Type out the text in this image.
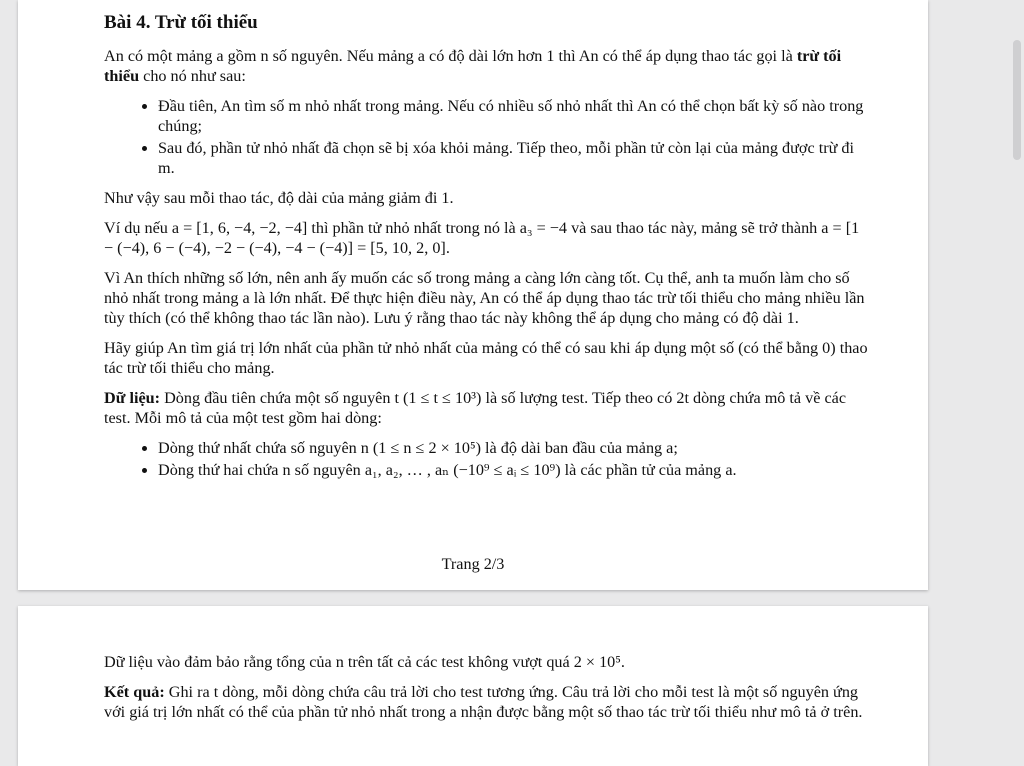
Bài 4. Trừ tối thiểu

An có một mảng a gồm n số nguyên. Nếu mảng a có độ dài lớn hơn 1 thì An có thể áp dụng thao tác gọi là trừ tối thiểu cho nó như sau:

• Đầu tiên, An tìm số m nhỏ nhất trong mảng. Nếu có nhiều số nhỏ nhất thì An có thể chọn bất kỳ số nào trong chúng;
• Sau đó, phần tử nhỏ nhất đã chọn sẽ bị xóa khỏi mảng. Tiếp theo, mỗi phần tử còn lại của mảng được trừ đi m.

Như vậy sau mỗi thao tác, độ dài của mảng giảm đi 1.

Ví dụ nếu a = [1, 6, −4, −2, −4] thì phần tử nhỏ nhất trong nó là a₃ = −4 và sau thao tác này, mảng sẽ trở thành a = [1 − (−4), 6 − (−4), −2 − (−4), −4 − (−4)] = [5, 10, 2, 0].

Vì An thích những số lớn, nên anh ấy muốn các số trong mảng a càng lớn càng tốt. Cụ thể, anh ta muốn làm cho số nhỏ nhất trong mảng a là lớn nhất. Để thực hiện điều này, An có thể áp dụng thao tác trừ tối thiểu cho mảng nhiều lần tùy thích (có thể không thao tác lần nào). Lưu ý rằng thao tác này không thể áp dụng cho mảng có độ dài 1.

Hãy giúp An tìm giá trị lớn nhất của phần tử nhỏ nhất của mảng có thể có sau khi áp dụng một số (có thể bằng 0) thao tác trừ tối thiểu cho mảng.

Dữ liệu: Dòng đầu tiên chứa một số nguyên t (1 ≤ t ≤ 10³) là số lượng test. Tiếp theo có 2t dòng chứa mô tả về các test. Mỗi mô tả của một test gồm hai dòng:

• Dòng thứ nhất chứa số nguyên n (1 ≤ n ≤ 2 × 10⁵) là độ dài ban đầu của mảng a;
• Dòng thứ hai chứa n số nguyên a₁, a₂, … , aₙ (−10⁹ ≤ aᵢ ≤ 10⁹) là các phần tử của mảng a.
Trang 2/3

Dữ liệu vào đảm bảo rằng tổng của n trên tất cả các test không vượt quá 2 × 10⁵.

Kết quả: Ghi ra t dòng, mỗi dòng chứa câu trả lời cho test tương ứng. Câu trả lời cho mỗi test là một số nguyên ứng với giá trị lớn nhất có thể của phần tử nhỏ nhất trong a nhận được bằng một số thao tác trừ tối thiểu như mô tả ở trên.
